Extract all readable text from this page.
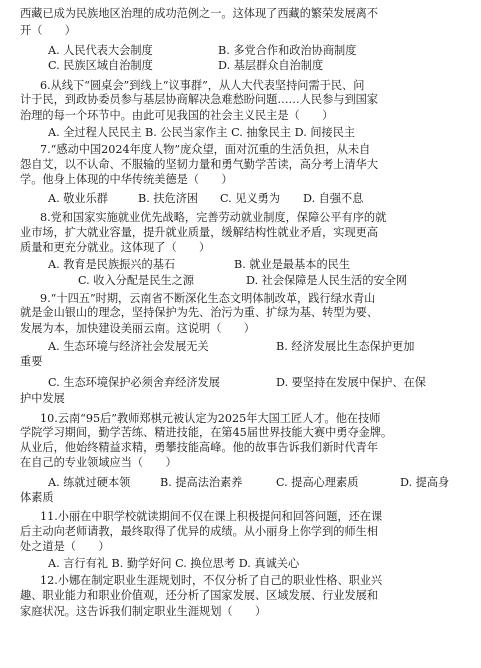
西藏已成为民族地区治理的成功范例之一。这体现了西藏的繁荣发展离不
开（　　）
A. 人民代表大会制度	B. 多党合作和政治协商制度
C. 民族区域自治制度	D. 基层群众自治制度
6.从线下“圆桌会”到线上“议事群”，从人大代表坚持问需于民、问
计于民，到政协委员参与基层协商解决急难愁盼问题……人民参与到国家
治理的每一个环节中。由此可见我国的社会主义民主是（　　）
A. 全过程人民民主 B. 公民当家作主 C. 抽象民主 D. 间接民主
7.“感动中国2024年度人物”庞众望，面对沉重的生活负担，从未自
怨自艾，以不认命、不服输的坚韧力量和勇气勤学苦读，高分考上清华大
学。他身上体现的中华传统美德是（　　）
A. 敬业乐群	B. 扶危济困 C. 见义勇为 D. 自强不息
8.党和国家实施就业优先战略，完善劳动就业制度，保障公平有序的就
业市场，扩大就业容量，提升就业质量，缓解结构性就业矛盾，实现更高
质量和更充分就业。这体现了（　　）
A. 教育是民族振兴的基石	B. 就业是最基本的民生
C. 收入分配是民生之源	D. 社会保障是人民生活的安全网
9.“十四五”时期，云南省不断深化生态文明体制改革，践行绿水青山
就是金山银山的理念，坚持保护为先、治污为重、扩绿为基、转型为要、
发展为本，加快建设美丽云南。这说明（　　）
A. 生态环境与经济社会发展无关	B. 经济发展比生态保护更加
重要
C. 生态环境保护必须舍弃经济发展	D. 要坚持在发展中保护、在保
护中发展
10.云南“95后”教师郑棋元被认定为2025年大国工匠人才。他在技师
学院学习期间，勤学苦练、精进技能，在第45届世界技能大赛中勇夺金牌。
从业后，他始终精益求精，勇攀技能高峰。他的故事告诉我们新时代青年
在自己的专业领域应当（　　）
A. 练就过硬本领	B. 提高法治素养	C. 提高心理素质	D. 提高身
体素质
11.小丽在中职学校就读期间不仅在课上积极提问和回答问题，还在课
后主动向老师请教，最终取得了优异的成绩。从小丽身上你学到的师生相
处之道是（　　）
A. 言行有礼 B. 勤学好问 C. 换位思考 D. 真诚关心
12.小娜在制定职业生涯规划时，不仅分析了自己的职业性格、职业兴
趣、职业能力和职业价值观，还分析了国家发展、区域发展、行业发展和
家庭状况。这告诉我们制定职业生涯规划（　　）
